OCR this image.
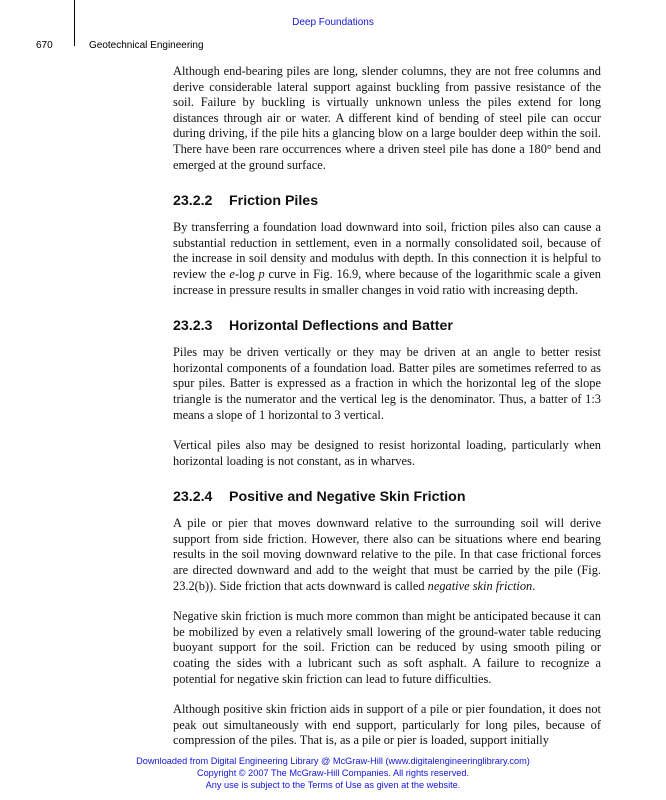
Deep Foundations
670	Geotechnical Engineering

Although end-bearing piles are long, slender columns, they are not free columns and derive considerable lateral support against buckling from passive resistance of the soil. Failure by buckling is virtually unknown unless the piles extend for long distances through air or water. A different kind of bending of steel pile can occur during driving, if the pile hits a glancing blow on a large boulder deep within the soil. There have been rare occurrences where a driven steel pile has done a 180° bend and emerged at the ground surface.

23.2.2 Friction Piles

By transferring a foundation load downward into soil, friction piles also can cause a substantial reduction in settlement, even in a normally consolidated soil, because of the increase in soil density and modulus with depth. In this connection it is helpful to review the e-log p curve in Fig. 16.9, where because of the logarithmic scale a given increase in pressure results in smaller changes in void ratio with increasing depth.

23.2.3 Horizontal Deflections and Batter

Piles may be driven vertically or they may be driven at an angle to better resist horizontal components of a foundation load. Batter piles are sometimes referred to as spur piles. Batter is expressed as a fraction in which the horizontal leg of the slope triangle is the numerator and the vertical leg is the denominator. Thus, a batter of 1:3 means a slope of 1 horizontal to 3 vertical.

Vertical piles also may be designed to resist horizontal loading, particularly when horizontal loading is not constant, as in wharves.

23.2.4 Positive and Negative Skin Friction

A pile or pier that moves downward relative to the surrounding soil will derive support from side friction. However, there also can be situations where end bearing results in the soil moving downward relative to the pile. In that case frictional forces are directed downward and add to the weight that must be carried by the pile (Fig. 23.2(b)). Side friction that acts downward is called negative skin friction.

Negative skin friction is much more common than might be anticipated because it can be mobilized by even a relatively small lowering of the ground-water table reducing buoyant support for the soil. Friction can be reduced by using smooth piling or coating the sides with a lubricant such as soft asphalt. A failure to recognize a potential for negative skin friction can lead to future difficulties.

Although positive skin friction aids in support of a pile or pier foundation, it does not peak out simultaneously with end support, particularly for long piles, because of compression of the piles. That is, as a pile or pier is loaded, support initially

Downloaded from Digital Engineering Library @ McGraw-Hill (www.digitalengineeringlibrary.com)
Copyright © 2007 The McGraw-Hill Companies. All rights reserved.
Any use is subject to the Terms of Use as given at the website.
